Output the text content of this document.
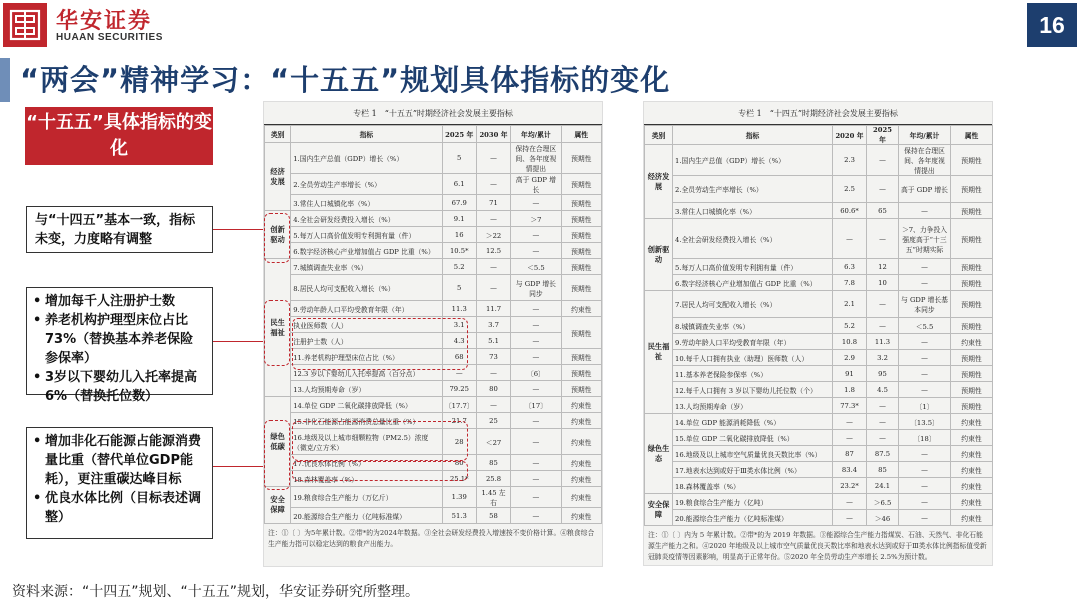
华安证券
HUAAN SECURITIES	16
“两会”精神学习：“十五五”规划具体指标的变化
“十五五”具体指标的变化
与“十四五”基本一致，指标未变，力度略有调整
• 增加每千人注册护士数
• 养老机构护理型床位占比73%（替换基本养老保险参保率）
• 3岁以下婴幼儿入托率提高6%（替换托位数）
• 增加非化石能源占能源消费量比重（替代单位GDP能耗），更注重碳达峰目标
• 优良水体比例（目标表述调整）
专栏 1　“十五五”时期经济社会发展主要指标
类别	指标	2025 年	2030 年	年均/累计	属性
经济发展	1.国内生产总值（GDP）增长（%）	5	—	保持在合理区间、各年度视情提出	预期性
	2.全员劳动生产率增长（%）	6.1	—	高于 GDP 增长	预期性
	3.常住人口城镇化率（%）	67.9	71	—	预期性
创新驱动	4.全社会研发经费投入增长（%）	9.1	—	＞7	预期性
	5.每万人口高价值发明专利拥有量（件）	16	＞22	—	预期性
	6.数字经济核心产业增加值占 GDP 比重（%）	10.5*	12.5	—	预期性
民生福祉	7.城镇调查失业率（%）	5.2	—	＜5.5	预期性
	8.居民人均可支配收入增长（%）	5	—	与 GDP 增长同步	预期性
	9.劳动年龄人口平均受教育年限（年）	11.3	11.7	—	约束性
	执业医师数（人）	3.1	3.7	—	预期性
	注册护士数（人）	4.3	5.1	—	
	11.养老机构护理型床位占比（%）	68	73	—	预期性
	12.3 岁以下婴幼儿入托率提高（百分点）	—	—	〔6〕	预期性
	13.人均预期寿命（岁）	79.25	80	—	预期性
绿色低碳	14.单位 GDP 二氧化碳排放降低（%）	〔17.7〕	—	〔17〕	约束性
	15.非化石能源占能源消费总量比重（%）	21.7	25	—	约束性
	16.地级及以上城市细颗粒物（PM2.5）浓度（微克/立方米）	28	＜27	—	约束性
	17.优良水体比例（%）	80	85	—	约束性
	18.森林覆盖率（%）	25.1*	25.8	—	约束性
安全保障	19.粮食综合生产能力（万亿斤）	1.39	1.45 左右	—	约束性
	20.能源综合生产能力（亿吨标准煤）	51.3	58	—	约束性
注：①〔 〕为5年累计数。②带*的为2024年数据。③全社会研发经费投入增速按不变价格计算。④粮食综合生产能力指可以稳定达到的粮食产出能力。
专栏 1　“十四五”时期经济社会发展主要指标
类别	指标	2020 年	2025 年	年均/累计	属性
经济发展	1.国内生产总值（GDP）增长（%）	2.3	—	保持在合理区间、各年度视情提出	预期性
	2.全员劳动生产率增长（%）	2.5	—	高于 GDP 增长	预期性
	3.常住人口城镇化率（%）	60.6*	65	—	预期性
创新驱动	4.全社会研发经费投入增长（%）	—	—	＞7、力争投入强度高于“十三五”时期实际	预期性
	5.每万人口高价值发明专利拥有量（件）	6.3	12	—	预期性
	6.数字经济核心产业增加值占 GDP 比重（%）	7.8	10	—	预期性
民生福祉	7.居民人均可支配收入增长（%）	2.1	—	与 GDP 增长基本同步	预期性
	8.城镇调查失业率（%）	5.2	—	＜5.5	预期性
	9.劳动年龄人口平均受教育年限（年）	10.8	11.3	—	约束性
	10.每千人口拥有执业（助理）医师数（人）	2.9	3.2	—	预期性
	11.基本养老保险参保率（%）	91	95	—	预期性
	12.每千人口拥有 3 岁以下婴幼儿托位数（个）	1.8	4.5	—	预期性
	13.人均预期寿命（岁）	77.3*	—	〔1〕	预期性
绿色生态	14.单位 GDP 能源消耗降低（%）	—	—	〔13.5〕	约束性
	15.单位 GDP 二氧化碳排放降低（%）	—	—	〔18〕	约束性
	16.地级及以上城市空气质量优良天数比率（%）	87	87.5	—	约束性
	17.地表水达到或好于Ⅲ类水体比例（%）	83.4	85	—	约束性
	18.森林覆盖率（%）	23.2*	24.1	—	约束性
安全保障	19.粮食综合生产能力（亿吨）	—	＞6.5	—	约束性
	20.能源综合生产能力（亿吨标准煤）	—	＞46	—	约束性
注：①〔 〕内为 5 年累计数。②带*的为 2019 年数据。③能源综合生产能力指煤炭、石油、天然气、非化石能源生产能力之和。④2020 年地级及以上城市空气质量优良天数比率和地表水达到或好于Ⅲ类水体比例指标值受新冠肺炎疫情等因素影响，明显高于正常年份。⑤2020 年全员劳动生产率增长 2.5%为预计数。
资料来源：“十四五”规划、“十五五”规划，华安证券研究所整理。
